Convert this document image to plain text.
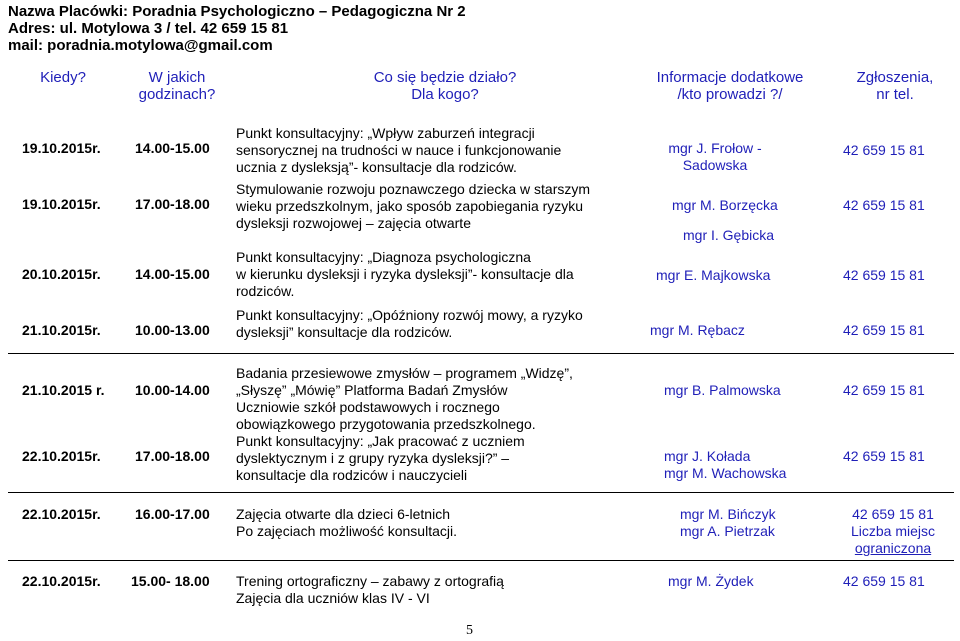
Nazwa Placówki: Poradnia Psychologiczno – Pedagogiczna Nr 2
Adres: ul. Motylowa 3 / tel. 42 659 15 81
mail: poradnia.motylowa@gmail.com
Kiedy?	W jakich
godzinach?
Co się będzie działo?
Dla kogo?
Informacje dodatkowe
/kto prowadzi ?/
Zgłoszenia,
nr tel.
19.10.2015r. 14.00-15.00
19.10.2015r. 17.00-18.00
20.10.2015r. 14.00-15.00
21.10.2015r. 10.00-13.00
Punkt konsultacyjny: „Wpływ zaburzeń integracji
sensorycznej na trudności w nauce i funkcjonowanie
ucznia z dysleksją”- konsultacje dla rodziców.
Stymulowanie rozwoju poznawczego dziecka w starszym
wieku przedszkolnym, jako sposób zapobiegania ryzyku
dysleksji rozwojowej – zajęcia otwarte
Punkt konsultacyjny: „Diagnoza psychologiczna
w kierunku dysleksji i ryzyka dysleksji”- konsultacje dla
rodziców.
Punkt konsultacyjny: „Opóźniony rozwój mowy, a ryzyko
dysleksji” konsultacje dla rodziców.
mgr J. Frołow -
Sadowska
mgr M. Borzęcka
mgr I. Gębicka
mgr E. Majkowska
mgr M. Rębacz
42 659 15 81
42 659 15 81
42 659 15 81
42 659 15 81
21.10.2015 r. 10.00-14.00
22.10.2015r. 17.00-18.00
Badania przesiewowe zmysłów – programem „Widzę”,
„Słyszę” „Mówię” Platforma Badań Zmysłów
Uczniowie szkół podstawowych i rocznego
obowiązkowego przygotowania przedszkolnego.
Punkt konsultacyjny: „Jak pracować z uczniem
dyslektycznym i z grupy ryzyka dysleksji?” –
konsultacje dla rodziców i nauczycieli
mgr B. Palmowska
mgr J. Kołada
mgr M. Wachowska
42 659 15 81
42 659 15 81
22.10.2015r. 16.00-17.00 Zajęcia otwarte dla dzieci 6-letnich
Po zajęciach możliwość konsultacji.
mgr M. Bińczyk
mgr A. Pietrzak
42 659 15 81
Liczba miejsc
ograniczona
22.10.2015r. 15.00- 18.00 Trening ortograficzny – zabawy z ortografią
Zajęcia dla uczniów klas IV - VI
mgr M. Żydek	42 659 15 81
5
